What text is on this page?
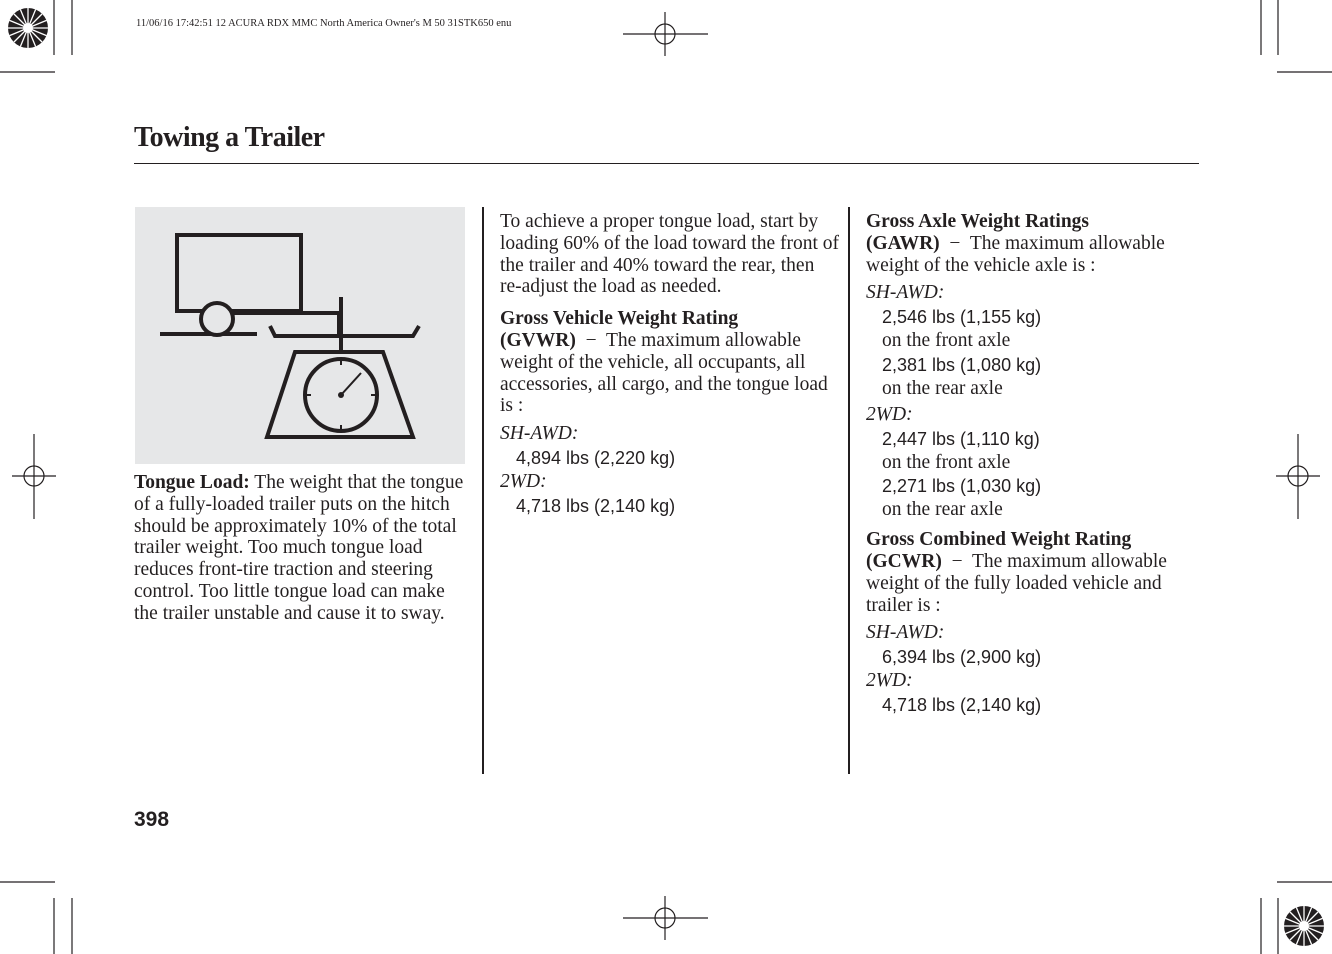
11/06/16 17:42:51 12 ACURA RDX MMC North America Owner's M 50 31STK650 enu
Towing a Trailer

Tongue Load: The weight that the tongue of a fully-loaded trailer puts on the hitch should be approximately 10% of the total trailer weight. Too much tongue load reduces front-tire traction and steering control. Too little tongue load can make the trailer unstable and cause it to sway.

To achieve a proper tongue load, start by loading 60% of the load toward the front of the trailer and 40% toward the rear, then re-adjust the load as needed.

Gross Vehicle Weight Rating
(GVWR) − The maximum allowable weight of the vehicle, all occupants, all accessories, all cargo, and the tongue load is :

SH-AWD:

4,894 lbs (2,220 kg)

2WD:

4,718 lbs (2,140 kg)

Gross Axle Weight Ratings
(GAWR) − The maximum allowable weight of the vehicle axle is :

SH-AWD:

2,546 lbs (1,155 kg)

on the front axle

2,381 lbs (1,080 kg)

on the rear axle

2WD:

2,447 lbs (1,110 kg)

on the front axle

2,271 lbs (1,030 kg)

on the rear axle

Gross Combined Weight Rating
(GCWR) − The maximum allowable weight of the fully loaded vehicle and trailer is :

SH-AWD:

6,394 lbs (2,900 kg)

2WD:

4,718 lbs (2,140 kg)

398
